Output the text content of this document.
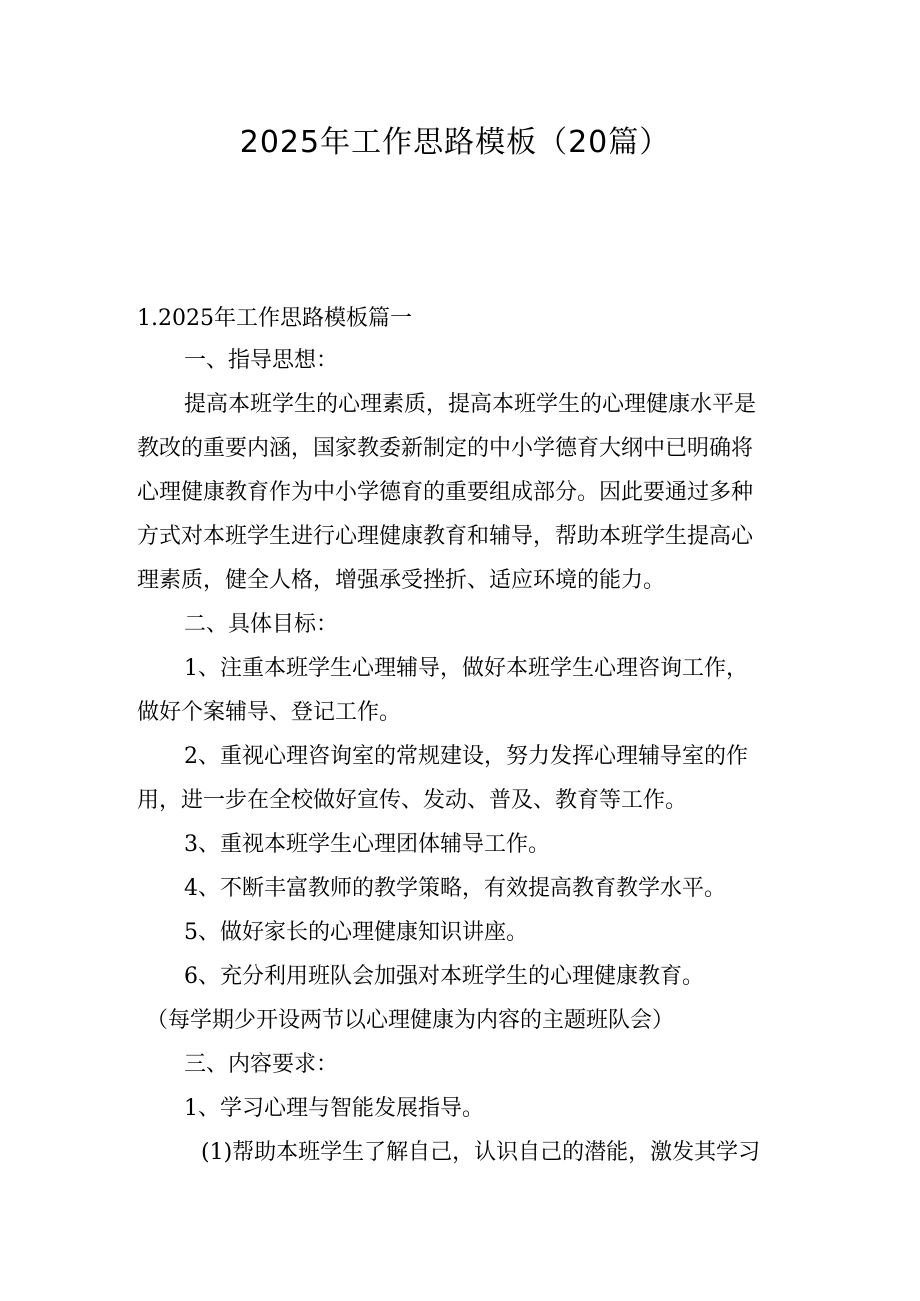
2025年工作思路模板（20篇）
1.2025年工作思路模板篇一
一、指导思想：
提高本班学生的心理素质，提高本班学生的心理健康水平是
教改的重要内涵，国家教委新制定的中小学德育大纲中已明确将
心理健康教育作为中小学德育的重要组成部分。因此要通过多种
方式对本班学生进行心理健康教育和辅导，帮助本班学生提高心
理素质，健全人格，增强承受挫折、适应环境的能力。
二、具体目标：
1、注重本班学生心理辅导，做好本班学生心理咨询工作，
做好个案辅导、登记工作。
2、重视心理咨询室的常规建设，努力发挥心理辅导室的作
用，进一步在全校做好宣传、发动、普及、教育等工作。
3、重视本班学生心理团体辅导工作。
4、不断丰富教师的教学策略，有效提高教育教学水平。
5、做好家长的心理健康知识讲座。
6、充分利用班队会加强对本班学生的心理健康教育。
（每学期少开设两节以心理健康为内容的主题班队会）
三、内容要求：
1、学习心理与智能发展指导。
(1)帮助本班学生了解自己，认识自己的潜能，激发其学习
